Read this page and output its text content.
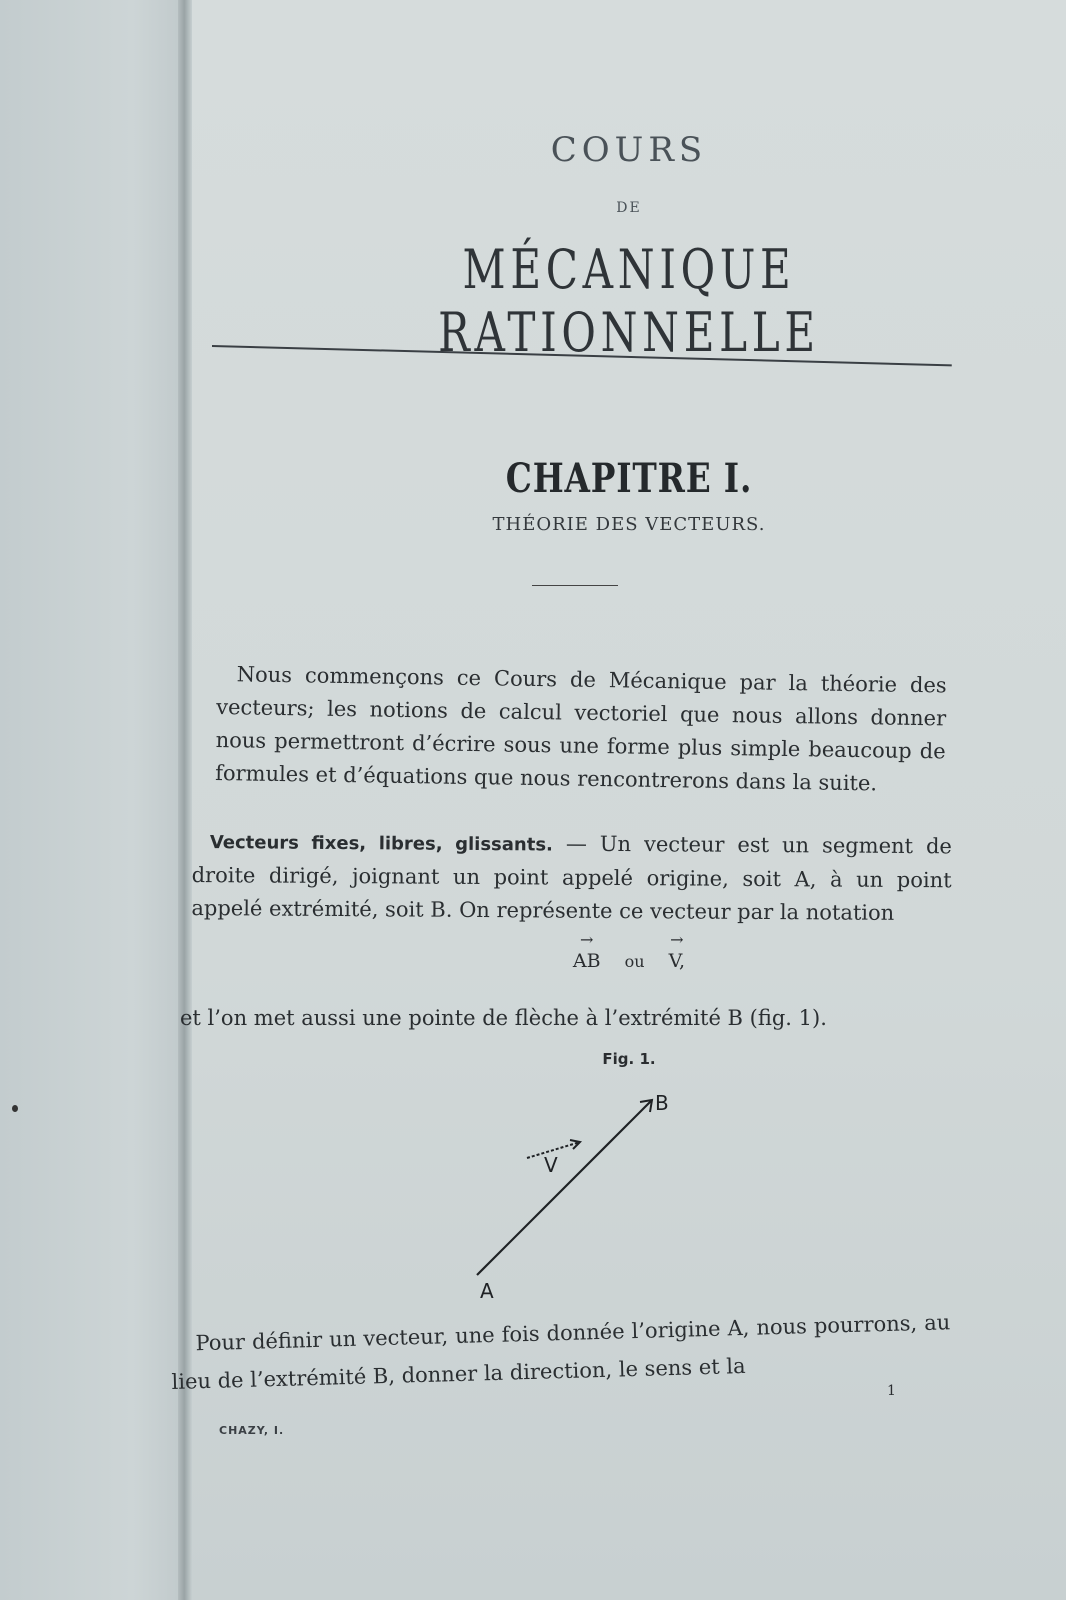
COURS
DE
MÉCANIQUE RATIONNELLE
CHAPITRE I.
THÉORIE DES VECTEURS.
Nous commençons ce Cours de Mécanique par la théorie des vecteurs; les notions de calcul vectoriel que nous allons donner nous permettront d’écrire sous une forme plus simple beaucoup de formules et d’équations que nous rencontrerons dans la suite.
Vecteurs fixes, libres, glissants. — Un vecteur est un segment de droite dirigé, joignant un point appelé origine, soit A, à un point appelé extrémité, soit B. On représente ce vecteur par la notation
→ AB ou → V,
et l’on met aussi une pointe de flèche à l’extrémité B (fig. 1).
Fig. 1.
B
A
V
Pour définir un vecteur, une fois donnée l’origine A, nous pourrons, au lieu de l’extrémité B, donner la direction, le sens et la	1
CHAZY, I.
